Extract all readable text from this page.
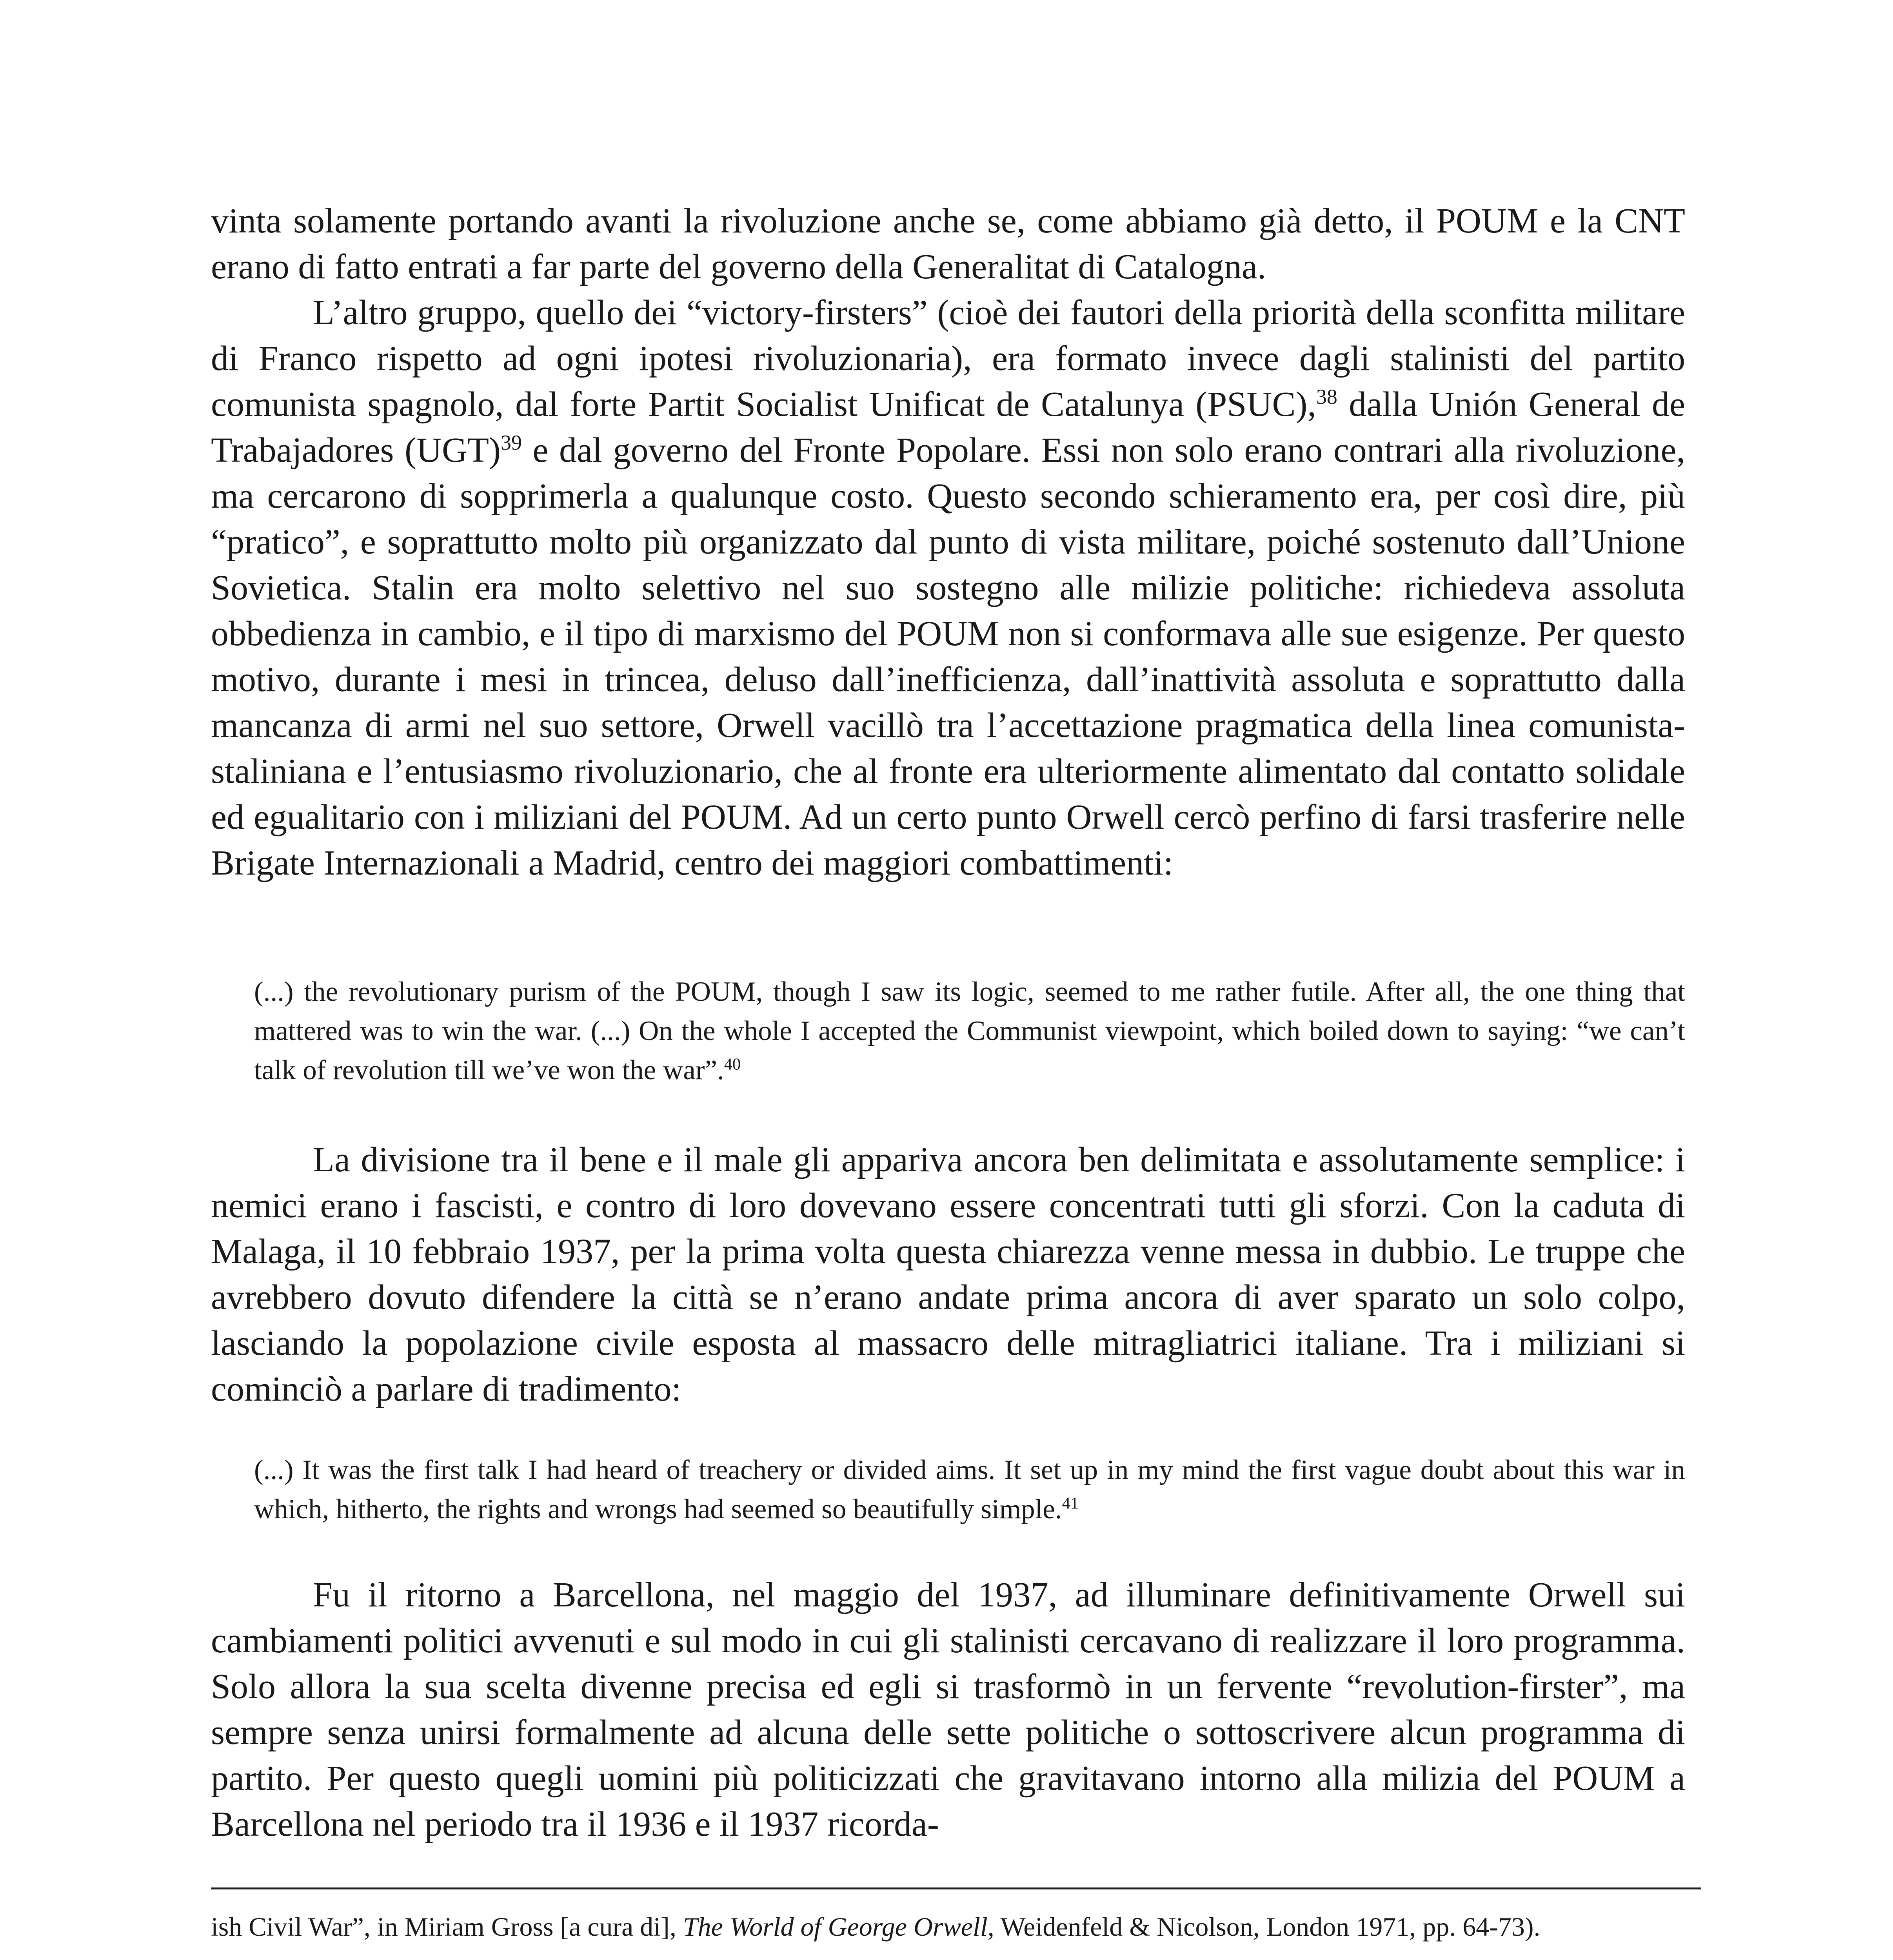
vinta solamente portando avanti la rivoluzione anche se, come abbiamo già detto, il POUM e la CNT erano di fatto entrati a far parte del governo della Generalitat di Catalogna.

L’altro gruppo, quello dei “victory-firsters” (cioè dei fautori della priorità della sconfitta militare di Franco rispetto ad ogni ipotesi rivoluzionaria), era formato invece dagli stalinisti del partito comunista spagnolo, dal forte Partit Socialist Unificat de Catalunya (PSUC),$^{38}$ dalla Unión General de Trabajadores (UGT)$^{39}$ e dal governo del Fronte Popolare. Essi non solo erano contrari alla rivoluzione, ma cercarono di sopprimerla a qualunque costo. Questo secondo schieramento era, per così dire, più “pratico”, e soprattutto molto più organizzato dal punto di vista militare, poiché sostenuto dall’Unione Sovietica. Stalin era molto selettivo nel suo sostegno alle milizie politiche: richiedeva assoluta obbedienza in cambio, e il tipo di marxismo del POUM non si conformava alle sue esigenze. Per questo motivo, durante i mesi in trincea, deluso dall’inefficienza, dall’inattività assoluta e soprattutto dalla mancanza di armi nel suo settore, Orwell vacillò tra l’accettazione pragmatica della linea comunista-staliniana e l’entusiasmo rivoluzionario, che al fronte era ulteriormente alimentato dal contatto solidale ed egualitario con i miliziani del POUM. Ad un certo punto Orwell cercò perfino di farsi trasferire nelle Brigate Internazionali a Madrid, centro dei maggiori combattimenti:

(...) the revolutionary purism of the POUM, though I saw its logic, seemed to me rather futile. After all, the one thing that mattered was to win the war. (...) On the whole I accepted the Communist viewpoint, which boiled down to saying: “we can’t talk of revolution till we’ve won the war”.$^{40}$

La divisione tra il bene e il male gli appariva ancora ben delimitata e assolutamente semplice: i nemici erano i fascisti, e contro di loro dovevano essere concentrati tutti gli sforzi. Con la caduta di Malaga, il 10 febbraio 1937, per la prima volta questa chiarezza venne messa in dubbio. Le truppe che avrebbero dovuto difendere la città se n’erano andate prima ancora di aver sparato un solo colpo, lasciando la popolazione civile esposta al massacro delle mitragliatrici italiane. Tra i miliziani si cominciò a parlare di tradimento:

(...) It was the first talk I had heard of treachery or divided aims. It set up in my mind the first vague doubt about this war in which, hitherto, the rights and wrongs had seemed so beautifully simple.$^{41}$

Fu il ritorno a Barcellona, nel maggio del 1937, ad illuminare definitivamente Orwell sui cambiamenti politici avvenuti e sul modo in cui gli stalinisti cercavano di realizzare il loro programma. Solo allora la sua scelta divenne precisa ed egli si trasformò in un fervente “revolution-firster”, ma sempre senza unirsi formalmente ad alcuna delle sette politiche o sottoscrivere alcun programma di partito. Per questo quegli uomini più politicizzati che gravitavano intorno alla milizia del POUM a Barcellona nel periodo tra il 1936 e il 1937 ricorda-

ish Civil War”, in Miriam Gross [a cura di], The World of George Orwell, Weidenfeld & Nicolson, London 1971, pp. 64-73).
